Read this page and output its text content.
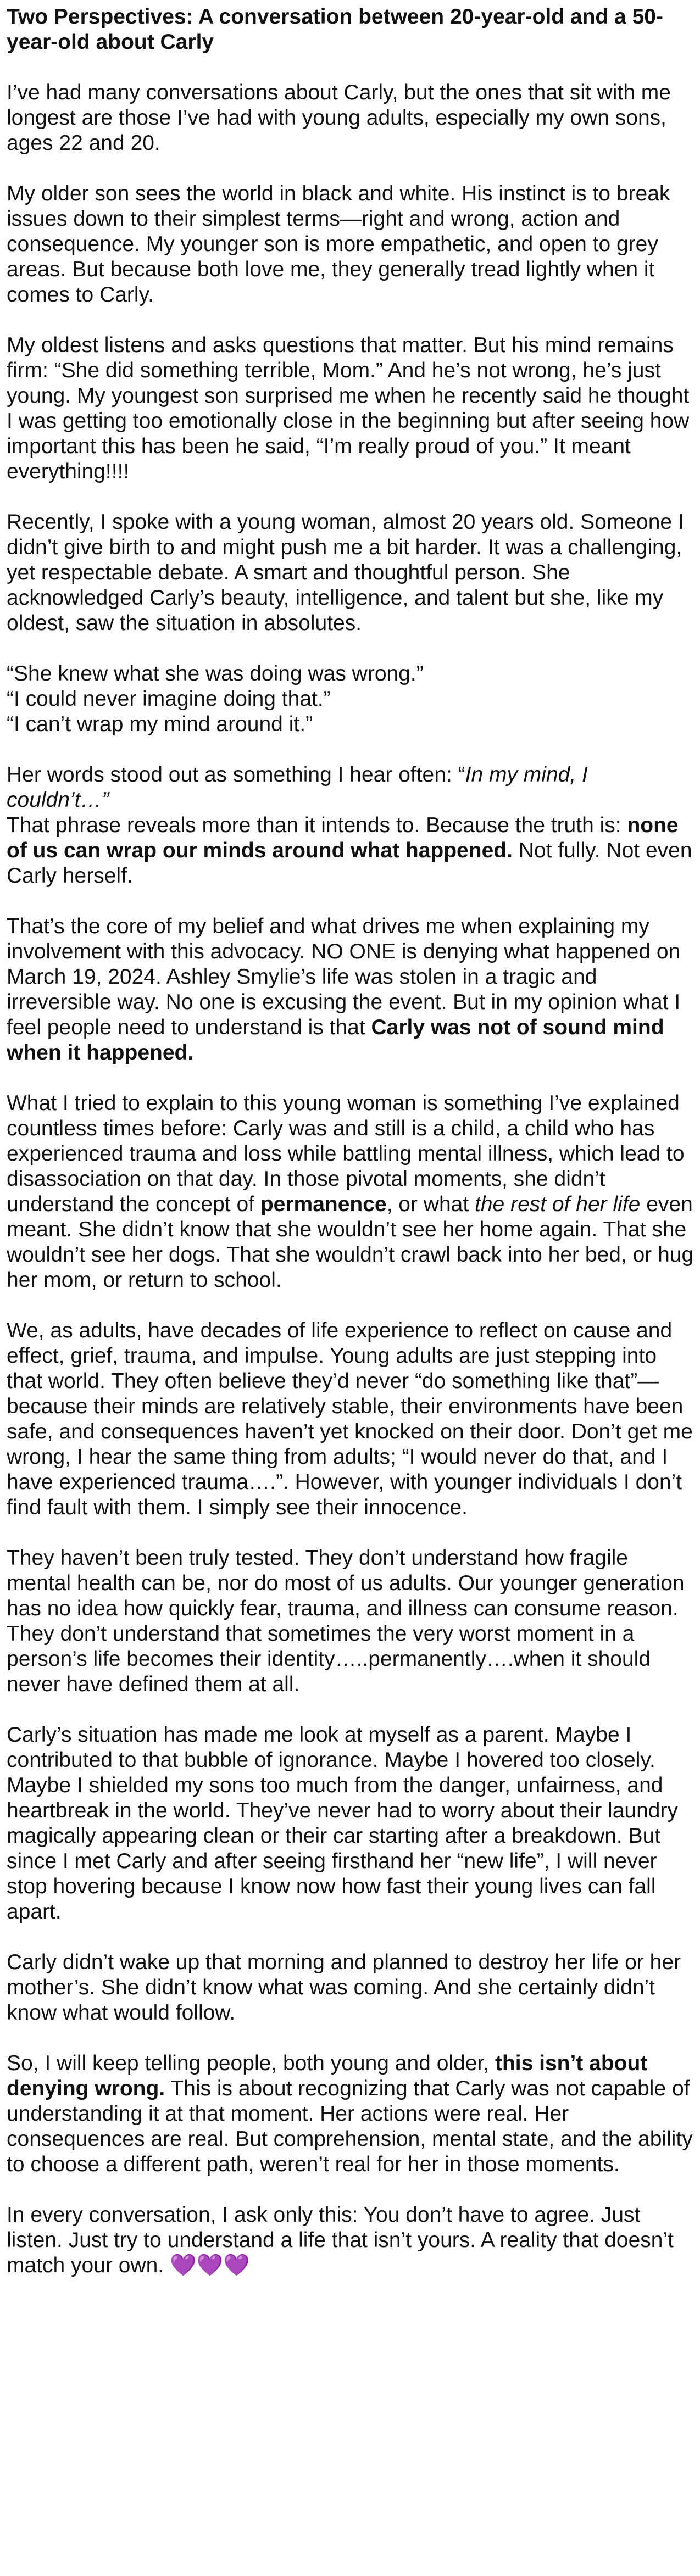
Two Perspectives: A conversation between 20-year-old and a 50-year-old about Carly
I’ve had many conversations about Carly, but the ones that sit with me longest are those I’ve had with young adults, especially my own sons, ages 22 and 20.
My older son sees the world in black and white. His instinct is to break issues down to their simplest terms—right and wrong, action and consequence. My younger son is more empathetic, and open to grey areas. But because both love me, they generally tread lightly when it comes to Carly.
My oldest listens and asks questions that matter. But his mind remains firm: “She did something terrible, Mom.” And he’s not wrong, he’s just young. My youngest son surprised me when he recently said he thought I was getting too emotionally close in the beginning but after seeing how important this has been he said, “I’m really proud of you.” It meant everything!!!!
Recently, I spoke with a young woman, almost 20 years old. Someone I didn’t give birth to and might push me a bit harder. It was a challenging, yet respectable debate. A smart and thoughtful person. She acknowledged Carly’s beauty, intelligence, and talent but she, like my oldest, saw the situation in absolutes.

“She knew what she was doing was wrong.”

“I could never imagine doing that.”

“I can’t wrap my mind around it.”

Her words stood out as something I hear often: “In my mind, I couldn’t…”

That phrase reveals more than it intends to. Because the truth is: none of us can wrap our minds around what happened. Not fully. Not even Carly herself.

That’s the core of my belief and what drives me when explaining my involvement with this advocacy. NO ONE is denying what happened on March 19, 2024. Ashley Smylie’s life was stolen in a tragic and irreversible way. No one is excusing the event. But in my opinion what I feel people need to understand is that Carly was not of sound mind when it happened.
What I tried to explain to this young woman is something I’ve explained countless times before: Carly was and still is a child, a child who has experienced trauma and loss while battling mental illness, which lead to disassociation on that day. In those pivotal moments, she didn’t understand the concept of permanence, or what the rest of her life even meant. She didn’t know that she wouldn’t see her home again. That she wouldn’t see her dogs. That she wouldn’t crawl back into her bed, or hug her mom, or return to school.
We, as adults, have decades of life experience to reflect on cause and effect, grief, trauma, and impulse. Young adults are just stepping into that world. They often believe they’d never “do something like that”—because their minds are relatively stable, their environments have been safe, and consequences haven’t yet knocked on their door. Don’t get me wrong, I hear the same thing from adults; “I would never do that, and I have experienced trauma….”. However, with younger individuals I don’t find fault with them. I simply see their innocence.
They haven’t been truly tested. They don’t understand how fragile mental health can be, nor do most of us adults. Our younger generation has no idea how quickly fear, trauma, and illness can consume reason. They don’t understand that sometimes the very worst moment in a person’s life becomes their identity…..permanently….when it should never have defined them at all.
Carly’s situation has made me look at myself as a parent. Maybe I contributed to that bubble of ignorance. Maybe I hovered too closely. Maybe I shielded my sons too much from the danger, unfairness, and heartbreak in the world. They’ve never had to worry about their laundry magically appearing clean or their car starting after a breakdown. But since I met Carly and after seeing firsthand her “new life”, I will never stop hovering because I know now how fast their young lives can fall apart.
Carly didn’t wake up that morning and planned to destroy her life or her mother’s. She didn’t know what was coming. And she certainly didn’t know what would follow.
So, I will keep telling people, both young and older, this isn’t about denying wrong. This is about recognizing that Carly was not capable of understanding it at that moment. Her actions were real. Her consequences are real. But comprehension, mental state, and the ability to choose a different path, weren’t real for her in those moments.
In every conversation, I ask only this: You don’t have to agree. Just listen. Just try to understand a life that isn’t yours. A reality that doesn’t match your own. 💜💜💜
